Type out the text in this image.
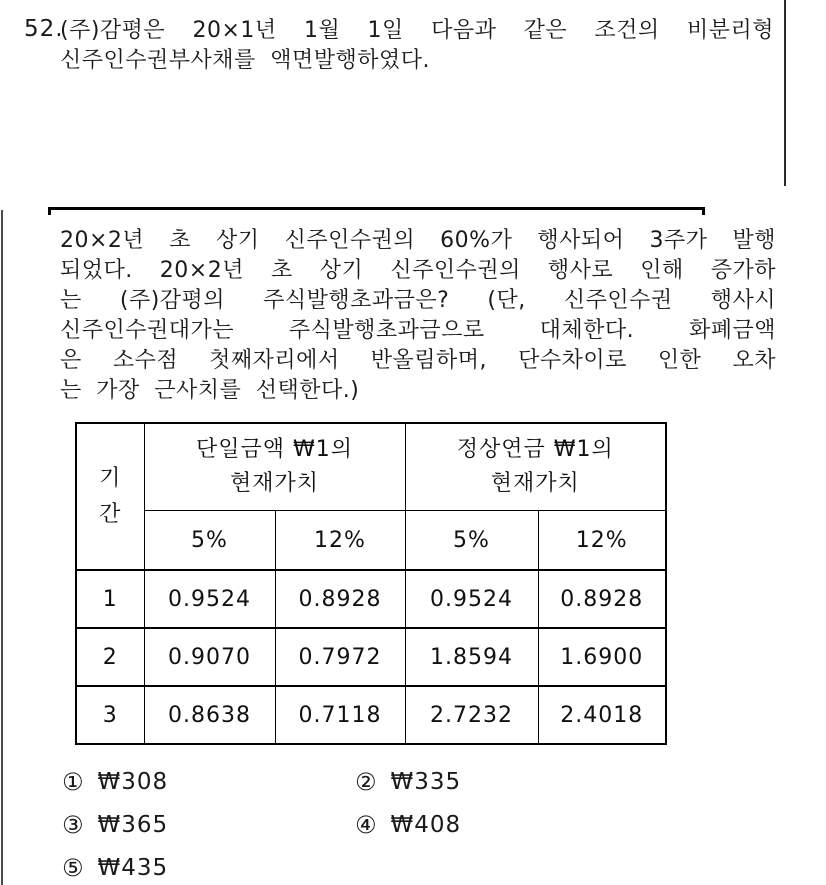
52.
(주)감평은 20×1년 1월 1일 다음과 같은 조건의 비분리형
신주인수권부사채를 액면발행하였다.
20×2년 초 상기 신주인수권의 60%가 행사되어 3주가 발행
되었다. 20×2년 초 상기 신주인수권의 행사로 인해 증가하
는 (주)감평의 주식발행초과금은? (단, 신주인수권 행사시
신주인수권대가는 주식발행초과금으로 대체한다. 화폐금액
은 소수점 첫째자리에서 반올림하며, 단수차이로 인한 오차
는 가장 근사치를 선택한다.)
기
간

단일금액 ₩1의
현재가치

정상연금 ₩1의
현재가치

	5%	12%	5%	12%
1	0.9524	0.8928	0.9524	0.8928
2	0.9070	0.7972	1.8594	1.6900
3	0.8638	0.7118	2.7232	2.4018
① ₩308	② ₩335
③ ₩365	④ ₩408
⑤ ₩435
